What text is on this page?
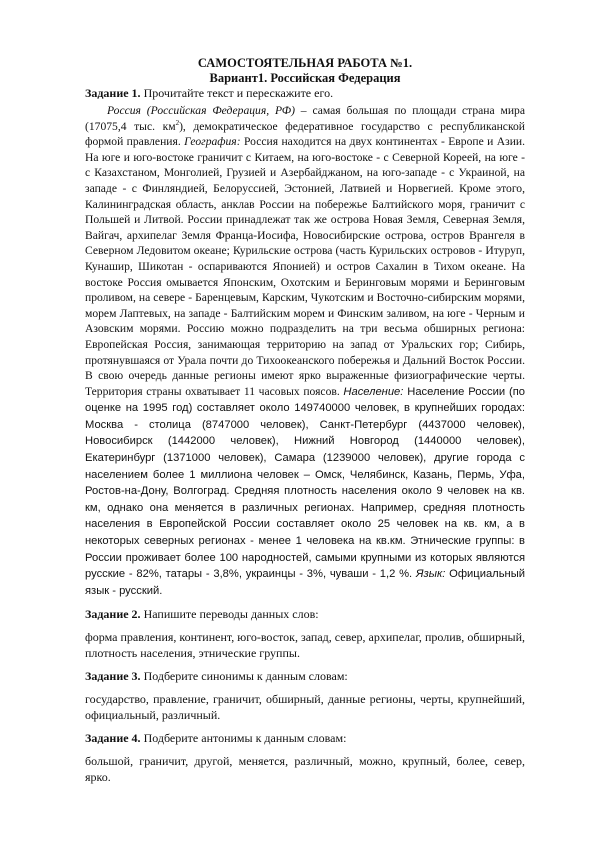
САМОСТОЯТЕЛЬНАЯ РАБОТА №1.

Вариант1. Российская Федерация

Задание 1. Прочитайте текст и перескажите его.

Россия (Российская Федерация, РФ) – самая большая по площади страна мира (17075,4 тыс. $км^2$), демократическое федеративное государство с республиканской формой правления. География: Россия находится на двух континентах - Европе и Азии. На юге и юго-востоке граничит с Китаем, на юго-востоке - с Северной Кореей, на юге - с Казахстаном, Монголией, Грузией и Азербайджаном, на юго-западе - с Украиной, на западе - с Финляндией, Белоруссией, Эстонией, Латвией и Норвегией. Кроме этого, Калининградская область, анклав России на побережье Балтийского моря, граничит с Польшей и Литвой. России принадлежат так же острова Новая Земля, Северная Земля, Вайгач, архипелаг Земля Франца-Иосифа, Новосибирские острова, остров Врангеля в Северном Ледовитом океане; Курильские острова (часть Курильских островов - Итуруп, Кунашир, Шикотан - оспариваются Японией) и остров Сахалин в Тихом океане. На востоке Россия омывается Японским, Охотским и Беринговым морями и Беринговым проливом, на севере - Баренцевым, Карским, Чукотским и Восточно-сибирским морями, морем Лаптевых, на западе - Балтийским морем и Финским заливом, на юге - Черным и Азовским морями. Россию можно подразделить на три весьма обширных региона: Европейская Россия, занимающая территорию на запад от Уральских гор; Сибирь, протянувшаяся от Урала почти до Тихоокеанского побережья и Дальний Восток России. В свою очередь данные регионы имеют ярко выраженные физиографические черты. Территория страны охватывает 11 часовых поясов. Население: Население России (по оценке на 1995 год) составляет около 149740000 человек, в крупнейших городах: Москва - столица (8747000 человек), Санкт-Петербург (4437000 человек), Новосибирск (1442000 человек), Нижний Новгород (1440000 человек), Екатеринбург (1371000 человек), Самара (1239000 человек), другие города с населением более 1 миллиона человек – Омск, Челябинск, Казань, Пермь, Уфа, Ростов-на-Дону, Волгоград. Средняя плотность населения около 9 человек на кв. км, однако она меняется в различных регионах. Например, средняя плотность населения в Европейской России составляет около 25 человек на кв. км, а в некоторых северных регионах - менее 1 человека на кв.км. Этнические группы: в России проживает более 100 народностей, самыми крупными из которых являются русские - 82%, татары - 3,8%, украинцы - 3%, чуваши - 1,2 %. Язык: Официальный язык - русский.

Задание 2. Напишите переводы данных слов:

форма правления, континент, юго-восток, запад, север, архипелаг, пролив, обширный, плотность населения, этнические группы.

Задание 3. Подберите синонимы к данным словам:

государство, правление, граничит, обширный, данные регионы, черты, крупнейший, официальный, различный.

Задание 4. Подберите антонимы к данным словам:

большой, граничит, другой, меняется, различный, можно, крупный, более, север, ярко.
